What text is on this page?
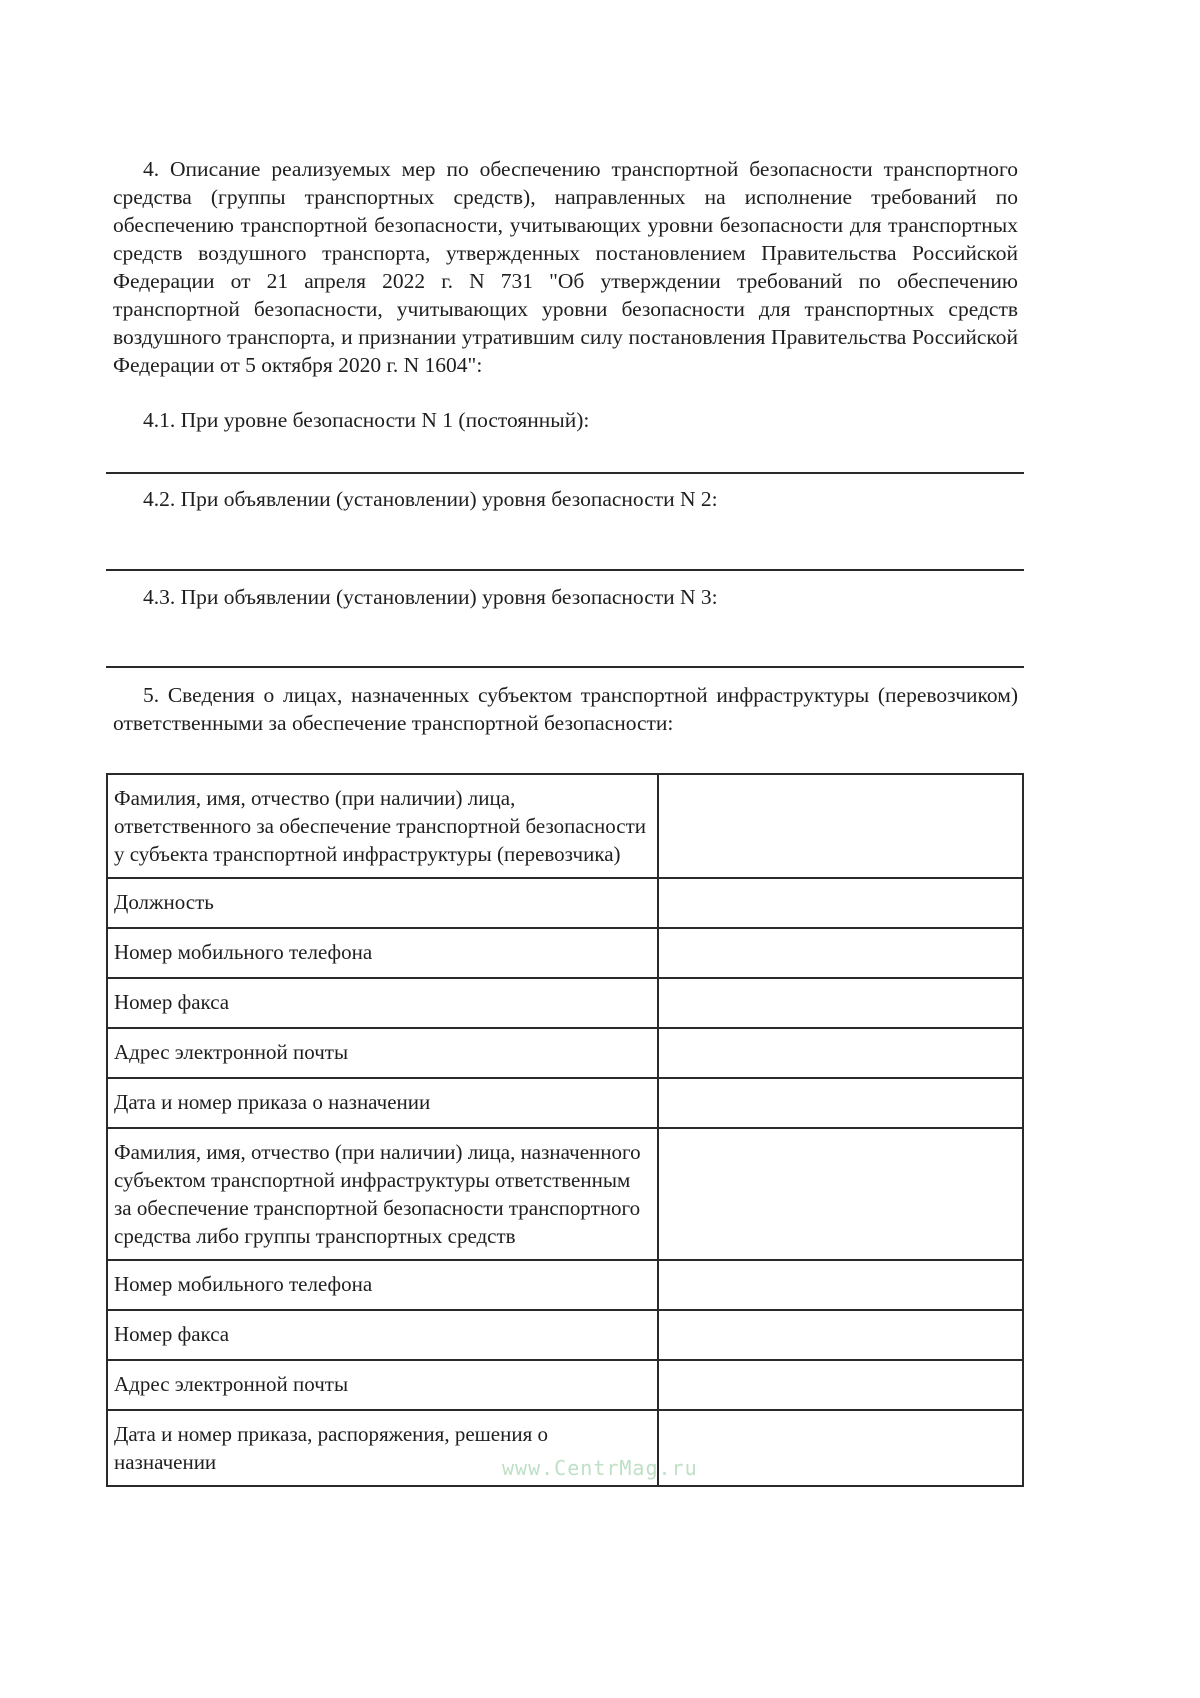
4. Описание реализуемых мер по обеспечению транспортной безопасности транспортного средства (группы транспортных средств), направленных на исполнение требований по обеспечению транспортной безопасности, учитывающих уровни безопасности для транспортных средств воздушного транспорта, утвержденных постановлением Правительства Российской Федерации от 21 апреля 2022 г. N 731 "Об утверждении требований по обеспечению транспортной безопасности, учитывающих уровни безопасности для транспортных средств воздушного транспорта, и признании утратившим силу постановления Правительства Российской Федерации от 5 октября 2020 г. N 1604":

4.1. При уровне безопасности N 1 (постоянный):

4.2. При объявлении (установлении) уровня безопасности N 2:

4.3. При объявлении (установлении) уровня безопасности N 3:

5. Сведения о лицах, назначенных субъектом транспортной инфраструктуры (перевозчиком) ответственными за обеспечение транспортной безопасности:

Фамилия, имя, отчество (при наличии) лица, ответственного за обеспечение транспортной безопасности у субъекта транспортной инфраструктуры (перевозчика)	
Должность	
Номер мобильного телефона	
Номер факса	
Адрес электронной почты	
Дата и номер приказа о назначении	
Фамилия, имя, отчество (при наличии) лица, назначенного субъектом транспортной инфраструктуры ответственным за обеспечение транспортной безопасности транспортного средства либо группы транспортных средств	
Номер мобильного телефона	
Номер факса	
Адрес электронной почты	
Дата и номер приказа, распоряжения, решения о назначении		www.CentrMag.ru
